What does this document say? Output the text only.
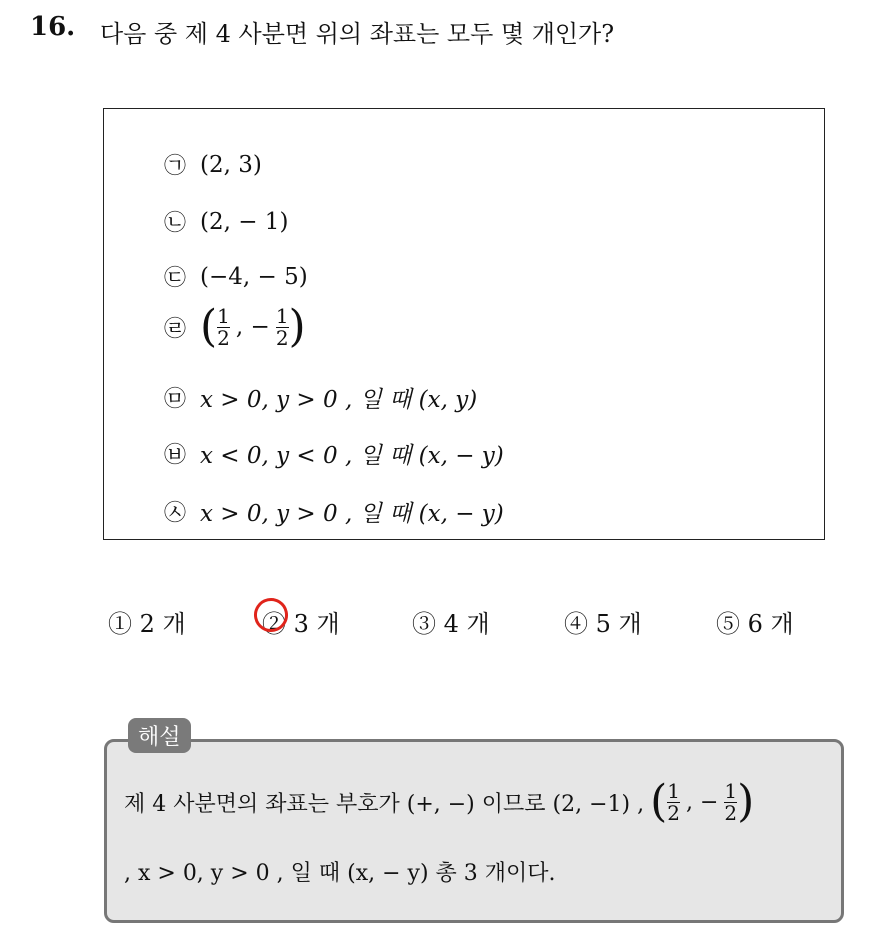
16. 다음 중 제 4 사분면 위의 좌표는 모두 몇 개인가?
㉠ (2, 3)
㉡ (2, − 1)
㉢ (−4, − 5)
㉣ ( $\frac{1}{2}$ , − $\frac{1}{2}$ )
㉤ x > 0, y > 0 , 일 때 (x, y)
㉥ x < 0, y < 0 , 일 때 (x, − y)
㉦ x > 0, y > 0 , 일 때 (x, − y)
① 2 개	② 3 개	③ 4 개	④ 5 개	⑤ 6 개
해설
제 4 사분면의 좌표는 부호가 (+, −) 이므로 (2, −1) , ( $\frac{1}{2}$ , − $\frac{1}{2}$ )
, x > 0, y > 0 , 일 때 (x, − y) 총 3 개이다.
